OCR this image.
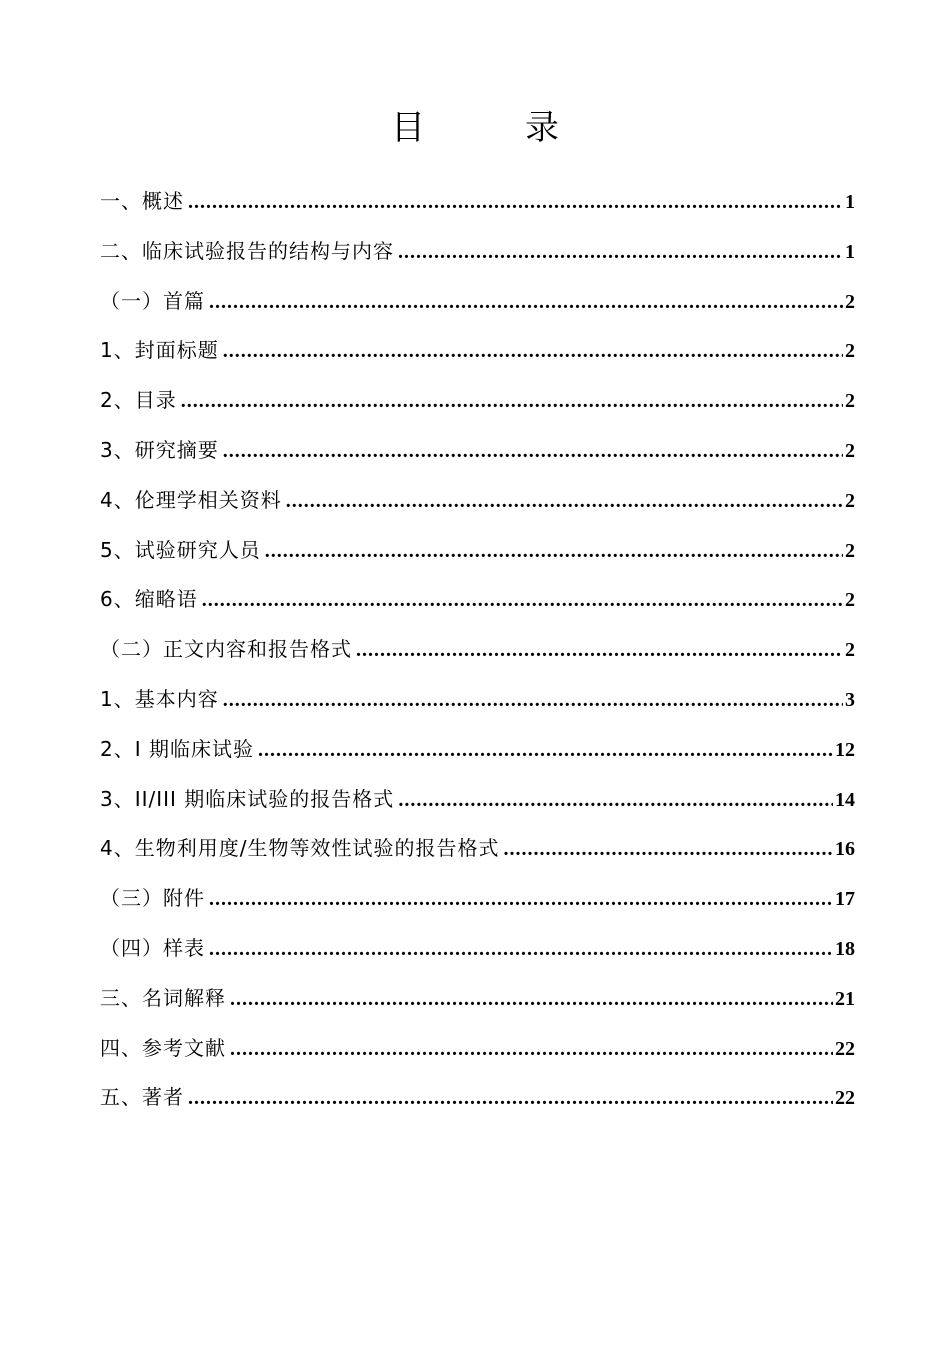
目	录
一、概述 .....	1
二、临床试验报告的结构与内容 .....	1
（一）首篇 .....	2
1、封面标题 .....	2
2、目录 .....	2
3、研究摘要 .....	2
4、伦理学相关资料 .....	2
5、试验研究人员 .....	2
6、缩略语 .....	2
（二）正文内容和报告格式 .....	2
1、基本内容 .....	3
2、I 期临床试验 .....	12
3、II/III 期临床试验的报告格式 .....	14
4、生物利用度/生物等效性试验的报告格式 .....	16
（三）附件 .....	17
（四）样表 .....	18
三、名词解释 .....	21
四、参考文献 .....	22
五、著者 .....	22
